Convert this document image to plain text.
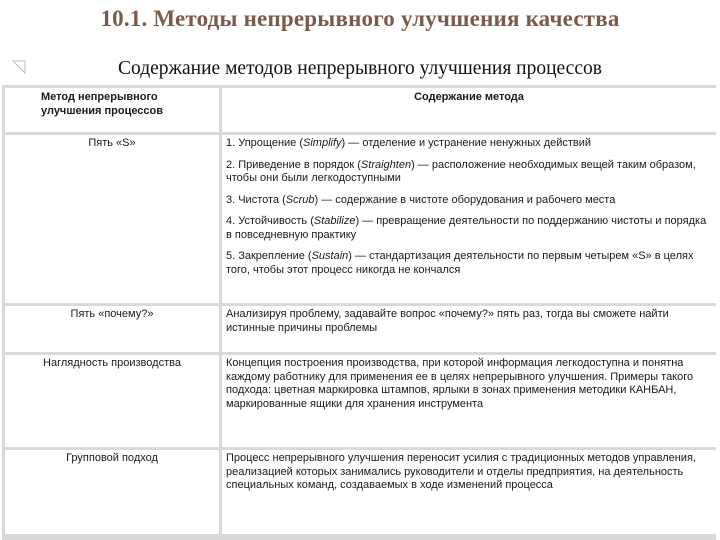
10.1. Методы непрерывного улучшения качества
Содержание методов непрерывного улучшения процессов
Метод непрерывного улучшения процессов	Содержание метода
Пять «S»	1. Упрощение (Simplify) — отделение и устранение ненужных действий
2. Приведение в порядок (Straighten) — расположение необходимых вещей таким образом, чтобы они были легкодоступными
3. Чистота (Scrub) — содержание в чистоте оборудования и рабочего места
4. Устойчивость (Stabilize) — превращение деятельности по поддержанию чистоты и порядка в повседневную практику
5. Закрепление (Sustain) — стандартизация деятельности по первым четырем «S» в целях того, чтобы этот процесс никогда не кончался

Пять «почему?»	Анализируя проблему, задавайте вопрос «почему?» пять раз, тогда вы сможете найти истинные причины проблемы
Наглядность производства	Концепция построения производства, при которой информация легкодоступна и понятна каждому работнику для применения ее в целях непрерывного улучшения. Примеры такого подхода: цветная маркировка штампов, ярлыки в зонах применения методики КАНБАН, маркированные ящики для хранения инструмента
Групповой подход	Процесс непрерывного улучшения переносит усилия с традиционных методов управления, реализацией которых занимались руководители и отделы предприятия, на деятельность специальных команд, создаваемых в ходе изменений процесса
